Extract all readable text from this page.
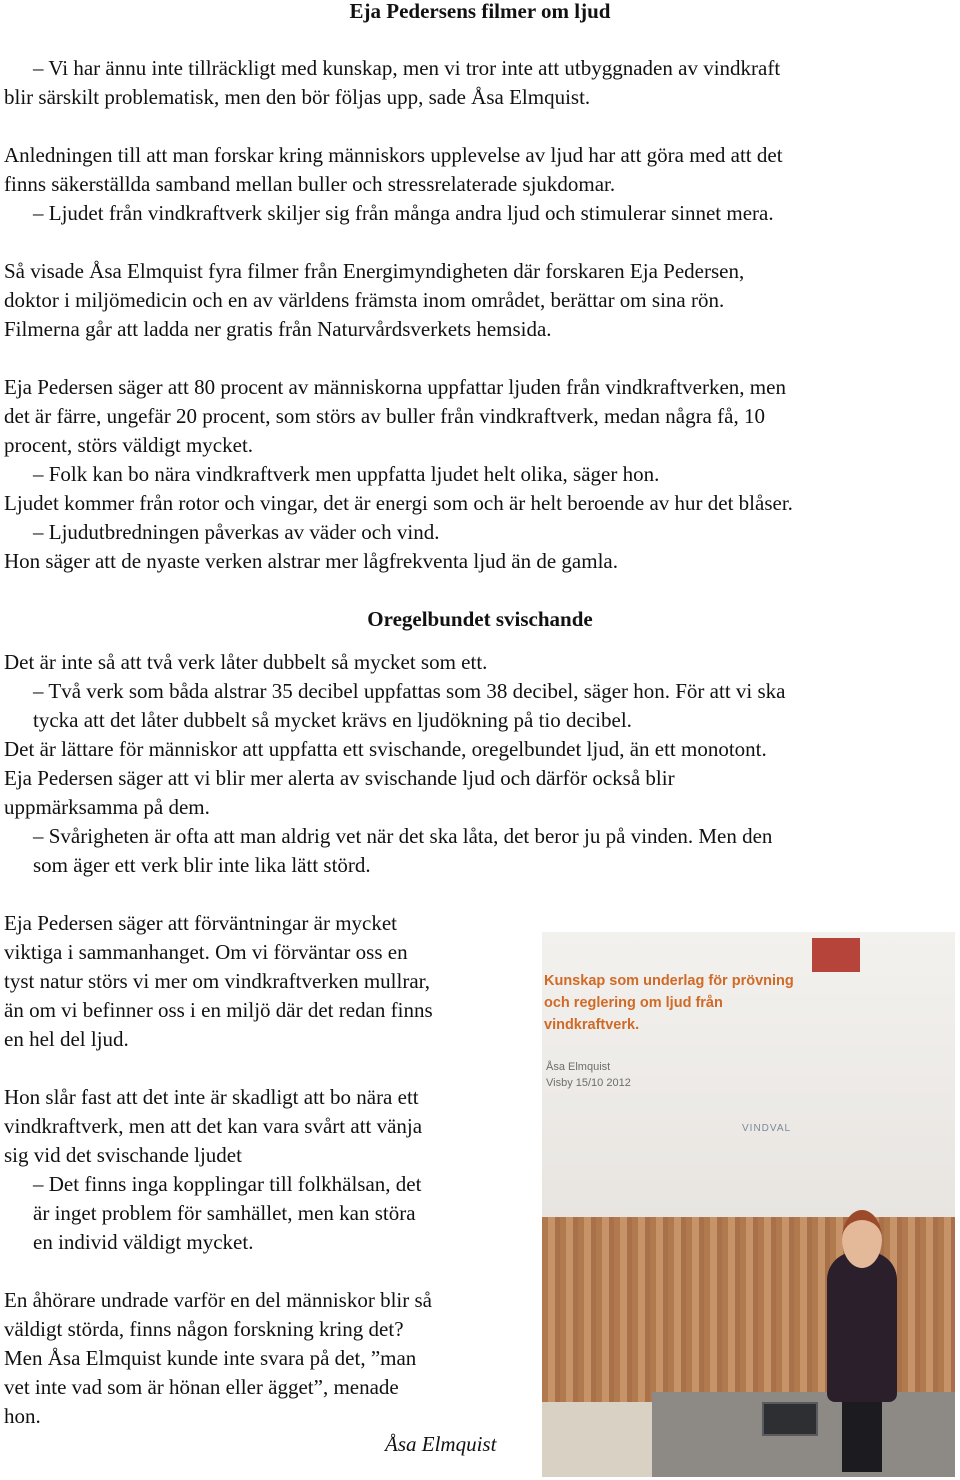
Eja Pedersens filmer om ljud

– Vi har ännu inte tillräckligt med kunskap, men vi tror inte att utbyggnaden av vindkraft

blir särskilt problematisk, men den bör följas upp, sade Åsa Elmquist.

Anledningen till att man forskar kring människors upplevelse av ljud har att göra med att det

finns säkerställda samband mellan buller och stressrelaterade sjukdomar.

– Ljudet från vindkraftverk skiljer sig från många andra ljud och stimulerar sinnet mera.

Så visade Åsa Elmquist fyra filmer från Energimyndigheten där forskaren Eja Pedersen,

doktor i miljömedicin och en av världens främsta inom området, berättar om sina rön.

Filmerna går att ladda ner gratis från Naturvårdsverkets hemsida.

Eja Pedersen säger att 80 procent av människorna uppfattar ljuden från vindkraftverken, men

det är färre, ungefär 20 procent, som störs av buller från vindkraftverk, medan några få, 10

procent, störs väldigt mycket.

– Folk kan bo nära vindkraftverk men uppfatta ljudet helt olika, säger hon.

Ljudet kommer från rotor och vingar, det är energi som och är helt beroende av hur det blåser.

– Ljudutbredningen påverkas av väder och vind.

Hon säger att de nyaste verken alstrar mer lågfrekventa ljud än de gamla.

Oregelbundet svischande

Det är inte så att två verk låter dubbelt så mycket som ett.

– Två verk som båda alstrar 35 decibel uppfattas som 38 decibel, säger hon. För att vi ska

tycka att det låter dubbelt så mycket krävs en ljudökning på tio decibel.

Det är lättare för människor att uppfatta ett svischande, oregelbundet ljud, än ett monotont.

Eja Pedersen säger att vi blir mer alerta av svischande ljud och därför också blir

uppmärksamma på dem.

– Svårigheten är ofta att man aldrig vet när det ska låta, det beror ju på vinden. Men den

som äger ett verk blir inte lika lätt störd.

Eja Pedersen säger att förväntningar är mycket

viktiga i sammanhanget. Om vi förväntar oss en

tyst natur störs vi mer om vindkraftverken mullrar,

än om vi befinner oss i en miljö där det redan finns

en hel del ljud.

Hon slår fast att det inte är skadligt att bo nära ett

vindkraftverk, men att det kan vara svårt att vänja

sig vid det svischande ljudet

– Det finns inga kopplingar till folkhälsan, det

är inget problem för samhället, men kan störa

en individ väldigt mycket.

En åhörare undrade varför en del människor blir så

väldigt störda, finns någon forskning kring det?

Men Åsa Elmquist kunde inte svara på det, ”man

vet inte vad som är hönan eller ägget”, menade

hon.

Kunskap som underlag för prövning
och reglering om ljud från
vindkraftverk.
Åsa Elmquist
Visby 15/10 2012
VINDVAL
Åsa Elmquist
